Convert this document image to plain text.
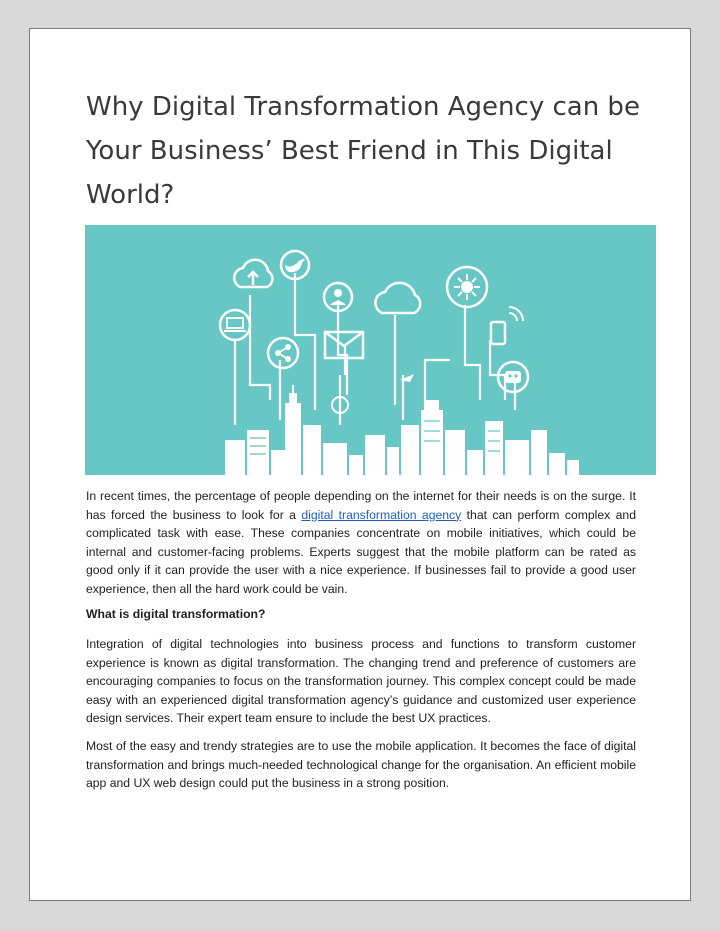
Why Digital Transformation Agency can be Your Business’ Best Friend in This Digital World?

In recent times, the percentage of people depending on the internet for their needs is on the surge. It has forced the business to look for a digital transformation agency that can perform complex and complicated task with ease. These companies concentrate on mobile initiatives, which could be internal and customer-facing problems. Experts suggest that the mobile platform can be rated as good only if it can provide the user with a nice experience. If businesses fail to provide a good user experience, then all the hard work could be vain.

What is digital transformation?

Integration of digital technologies into business process and functions to transform customer experience is known as digital transformation. The changing trend and preference of customers are encouraging companies to focus on the transformation journey. This complex concept could be made easy with an experienced digital transformation agency’s guidance and customized user experience design services. Their expert team ensure to include the best UX practices.

Most of the easy and trendy strategies are to use the mobile application. It becomes the face of digital transformation and brings much-needed technological change for the organisation. An efficient mobile app and UX web design could put the business in a strong position.
